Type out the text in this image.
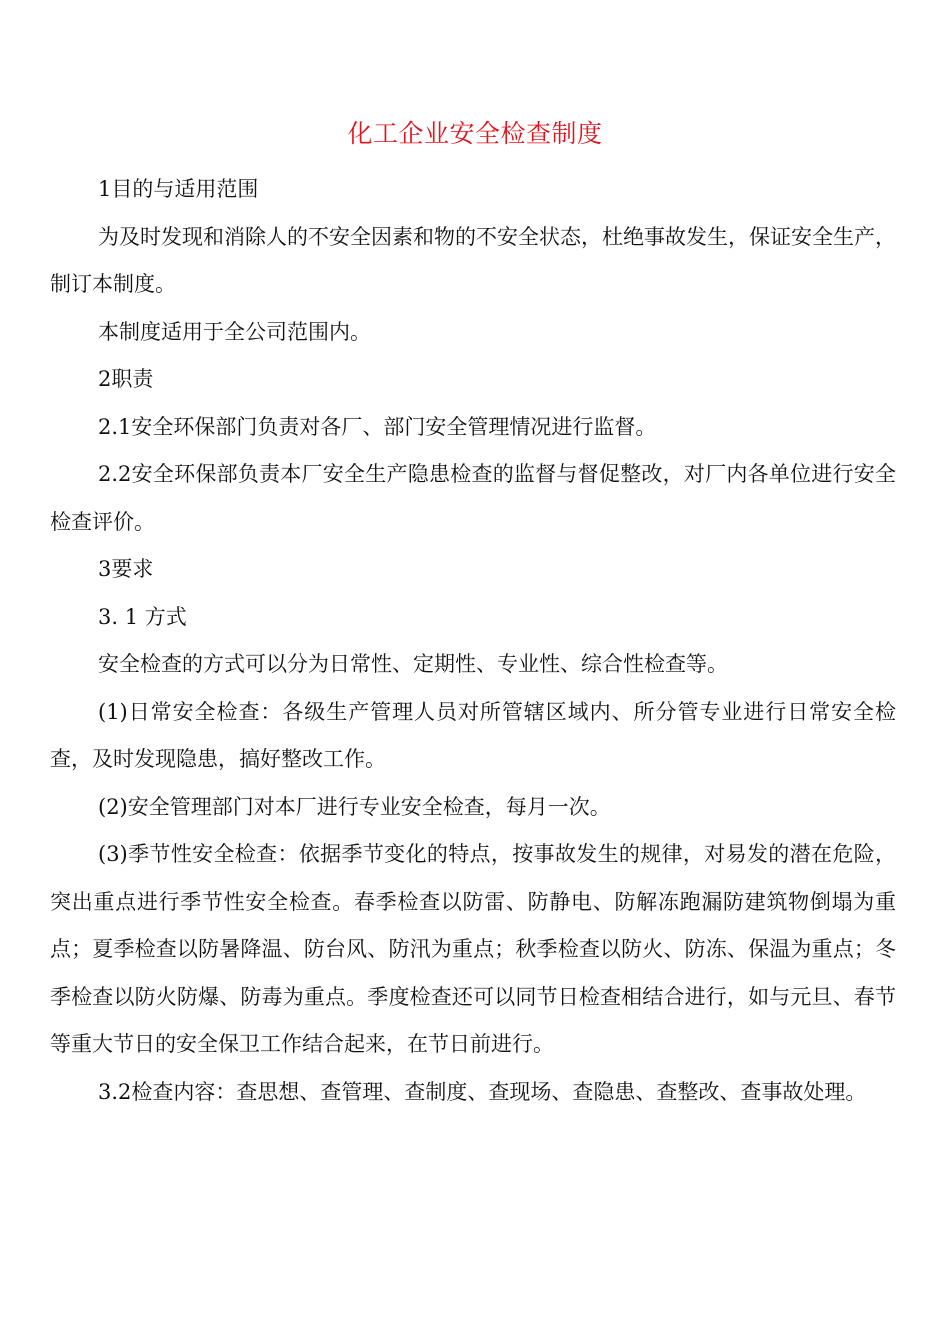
化工企业安全检查制度

1目的与适用范围

为及时发现和消除人的不安全因素和物的不安全状态，杜绝事故发生，保证安全生产，制订本制度。

本制度适用于全公司范围内。

2职责

2.1安全环保部门负责对各厂、部门安全管理情况进行监督。

2.2安全环保部负责本厂安全生产隐患检查的监督与督促整改，对厂内各单位进行安全检查评价。

3要求

3. 1 方式

安全检查的方式可以分为日常性、定期性、专业性、综合性检查等。

(1)日常安全检查：各级生产管理人员对所管辖区域内、所分管专业进行日常安全检查，及时发现隐患，搞好整改工作。

(2)安全管理部门对本厂进行专业安全检查，每月一次。

(3)季节性安全检查：依据季节变化的特点，按事故发生的规律，对易发的潜在危险，突出重点进行季节性安全检查。春季检查以防雷、防静电、防解冻跑漏防建筑物倒塌为重点；夏季检查以防暑降温、防台风、防汛为重点；秋季检查以防火、防冻、保温为重点；冬季检查以防火防爆、防毒为重点。季度检查还可以同节日检查相结合进行，如与元旦、春节等重大节日的安全保卫工作结合起来，在节日前进行。

3.2检查内容：查思想、查管理、查制度、查现场、查隐患、查整改、查事故处理。
